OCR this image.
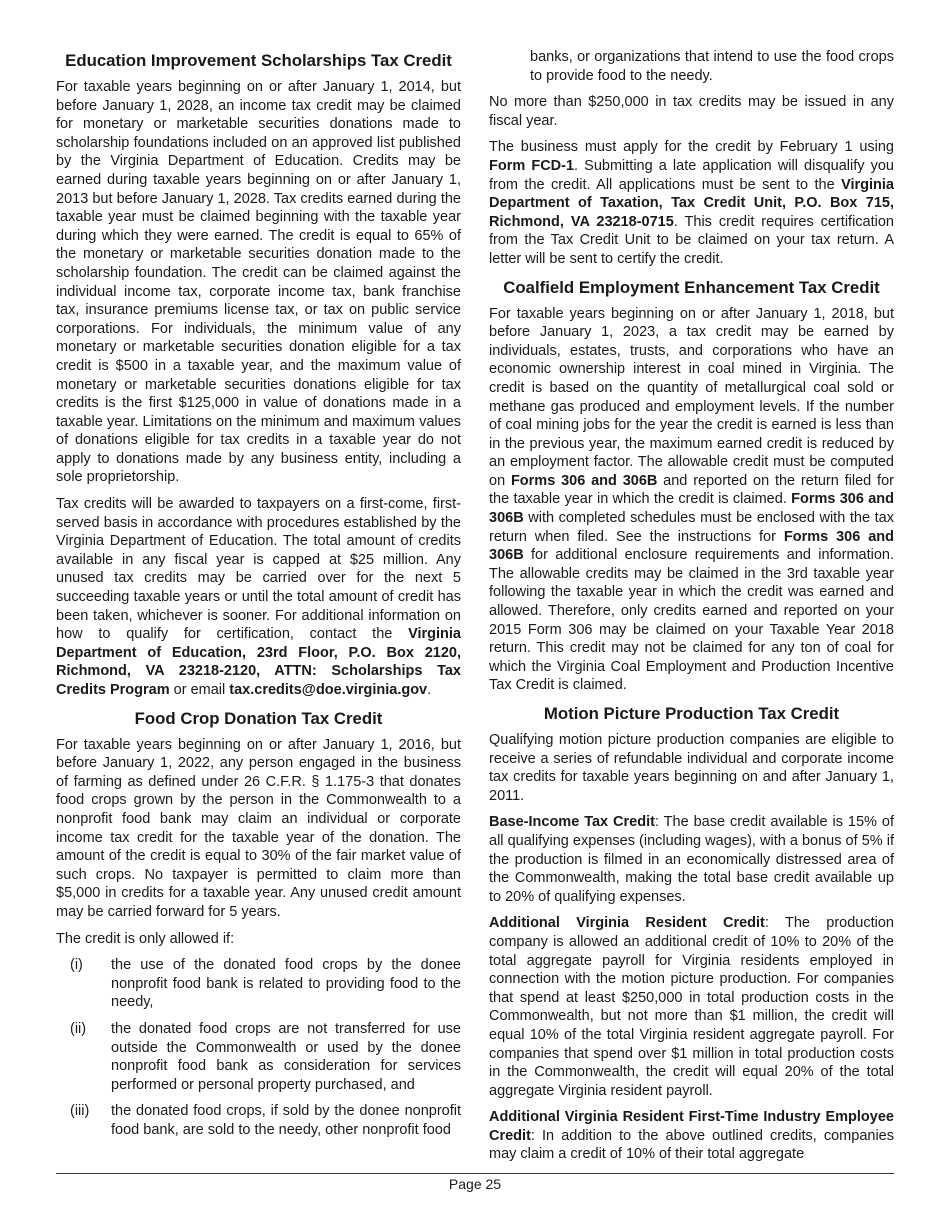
Education Improvement Scholarships Tax Credit

For taxable years beginning on or after January 1, 2014, but before January 1, 2028, an income tax credit may be claimed for monetary or marketable securities donations made to scholarship foundations included on an approved list published by the Virginia Department of Education. Credits may be earned during taxable years beginning on or after January 1, 2013 but before January 1, 2028. Tax credits earned during the taxable year must be claimed beginning with the taxable year during which they were earned. The credit is equal to 65% of the monetary or marketable securities donation made to the scholarship foundation. The credit can be claimed against the individual income tax, corporate income tax, bank franchise tax, insurance premiums license tax, or tax on public service corporations. For individuals, the minimum value of any monetary or marketable securities donation eligible for a tax credit is $500 in a taxable year, and the maximum value of monetary or marketable securities donations eligible for tax credits is the first $125,000 in value of donations made in a taxable year. Limitations on the minimum and maximum values of donations eligible for tax credits in a taxable year do not apply to donations made by any business entity, including a sole proprietorship.

Tax credits will be awarded to taxpayers on a first-come, first-served basis in accordance with procedures established by the Virginia Department of Education. The total amount of credits available in any fiscal year is capped at $25 million. Any unused tax credits may be carried over for the next 5 succeeding taxable years or until the total amount of credit has been taken, whichever is sooner. For additional information on how to qualify for certification, contact the Virginia Department of Education, 23rd Floor, P.O. Box 2120, Richmond, VA 23218-2120, ATTN: Scholarships Tax Credits Program or email tax.credits@doe.virginia.gov.

Food Crop Donation Tax Credit

For taxable years beginning on or after January 1, 2016, but before January 1, 2022, any person engaged in the business of farming as defined under 26 C.F.R. § 1.175-3 that donates food crops grown by the person in the Commonwealth to a nonprofit food bank may claim an individual or corporate income tax credit for the taxable year of the donation. The amount of the credit is equal to 30% of the fair market value of such crops. No taxpayer is permitted to claim more than $5,000 in credits for a taxable year. Any unused credit amount may be carried forward for 5 years.

The credit is only allowed if:

(i) the use of the donated food crops by the donee nonprofit food bank is related to providing food to the needy,
(ii) the donated food crops are not transferred for use outside the Commonwealth or used by the donee nonprofit food bank as consideration for services performed or personal property purchased, and
(iii) the donated food crops, if sold by the donee nonprofit food bank, are sold to the needy, other nonprofit food

banks, or organizations that intend to use the food crops to provide food to the needy.

No more than $250,000 in tax credits may be issued in any fiscal year.

The business must apply for the credit by February 1 using Form FCD-1. Submitting a late application will disqualify you from the credit. All applications must be sent to the Virginia Department of Taxation, Tax Credit Unit, P.O. Box 715, Richmond, VA 23218-0715. This credit requires certification from the Tax Credit Unit to be claimed on your tax return. A letter will be sent to certify the credit.

Coalfield Employment Enhancement Tax Credit

For taxable years beginning on or after January 1, 2018, but before January 1, 2023, a tax credit may be earned by individuals, estates, trusts, and corporations who have an economic ownership interest in coal mined in Virginia. The credit is based on the quantity of metallurgical coal sold or methane gas produced and employment levels. If the number of coal mining jobs for the year the credit is earned is less than in the previous year, the maximum earned credit is reduced by an employment factor. The allowable credit must be computed on Forms 306 and 306B and reported on the return filed for the taxable year in which the credit is claimed. Forms 306 and 306B with completed schedules must be enclosed with the tax return when filed. See the instructions for Forms 306 and 306B for additional enclosure requirements and information. The allowable credits may be claimed in the 3rd taxable year following the taxable year in which the credit was earned and allowed. Therefore, only credits earned and reported on your 2015 Form 306 may be claimed on your Taxable Year 2018 return. This credit may not be claimed for any ton of coal for which the Virginia Coal Employment and Production Incentive Tax Credit is claimed.

Motion Picture Production Tax Credit

Qualifying motion picture production companies are eligible to receive a series of refundable individual and corporate income tax credits for taxable years beginning on and after January 1, 2011.

Base-Income Tax Credit: The base credit available is 15% of all qualifying expenses (including wages), with a bonus of 5% if the production is filmed in an economically distressed area of the Commonwealth, making the total base credit available up to 20% of qualifying expenses.

Additional Virginia Resident Credit: The production company is allowed an additional credit of 10% to 20% of the total aggregate payroll for Virginia residents employed in connection with the motion picture production. For companies that spend at least $250,000 in total production costs in the Commonwealth, but not more than $1 million, the credit will equal 10% of the total Virginia resident aggregate payroll. For companies that spend over $1 million in total production costs in the Commonwealth, the credit will equal 20% of the total aggregate Virginia resident payroll.

Additional Virginia Resident First-Time Industry Employee Credit: In addition to the above outlined credits, companies may claim a credit of 10% of their total aggregate

Page 25
